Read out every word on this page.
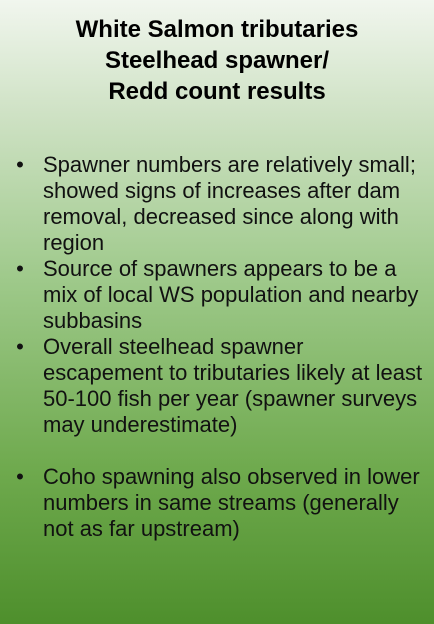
White Salmon tributaries
Steelhead spawner/
Redd count results
• Spawner numbers are relatively small; showed signs of increases after dam removal, decreased since along with region
• Source of spawners appears to be a mix of local WS population and nearby subbasins
• Overall steelhead spawner escapement to tributaries likely at least 50-100 fish per year (spawner surveys may underestimate)
• Coho spawning also observed in lower numbers in same streams (generally not as far upstream)
